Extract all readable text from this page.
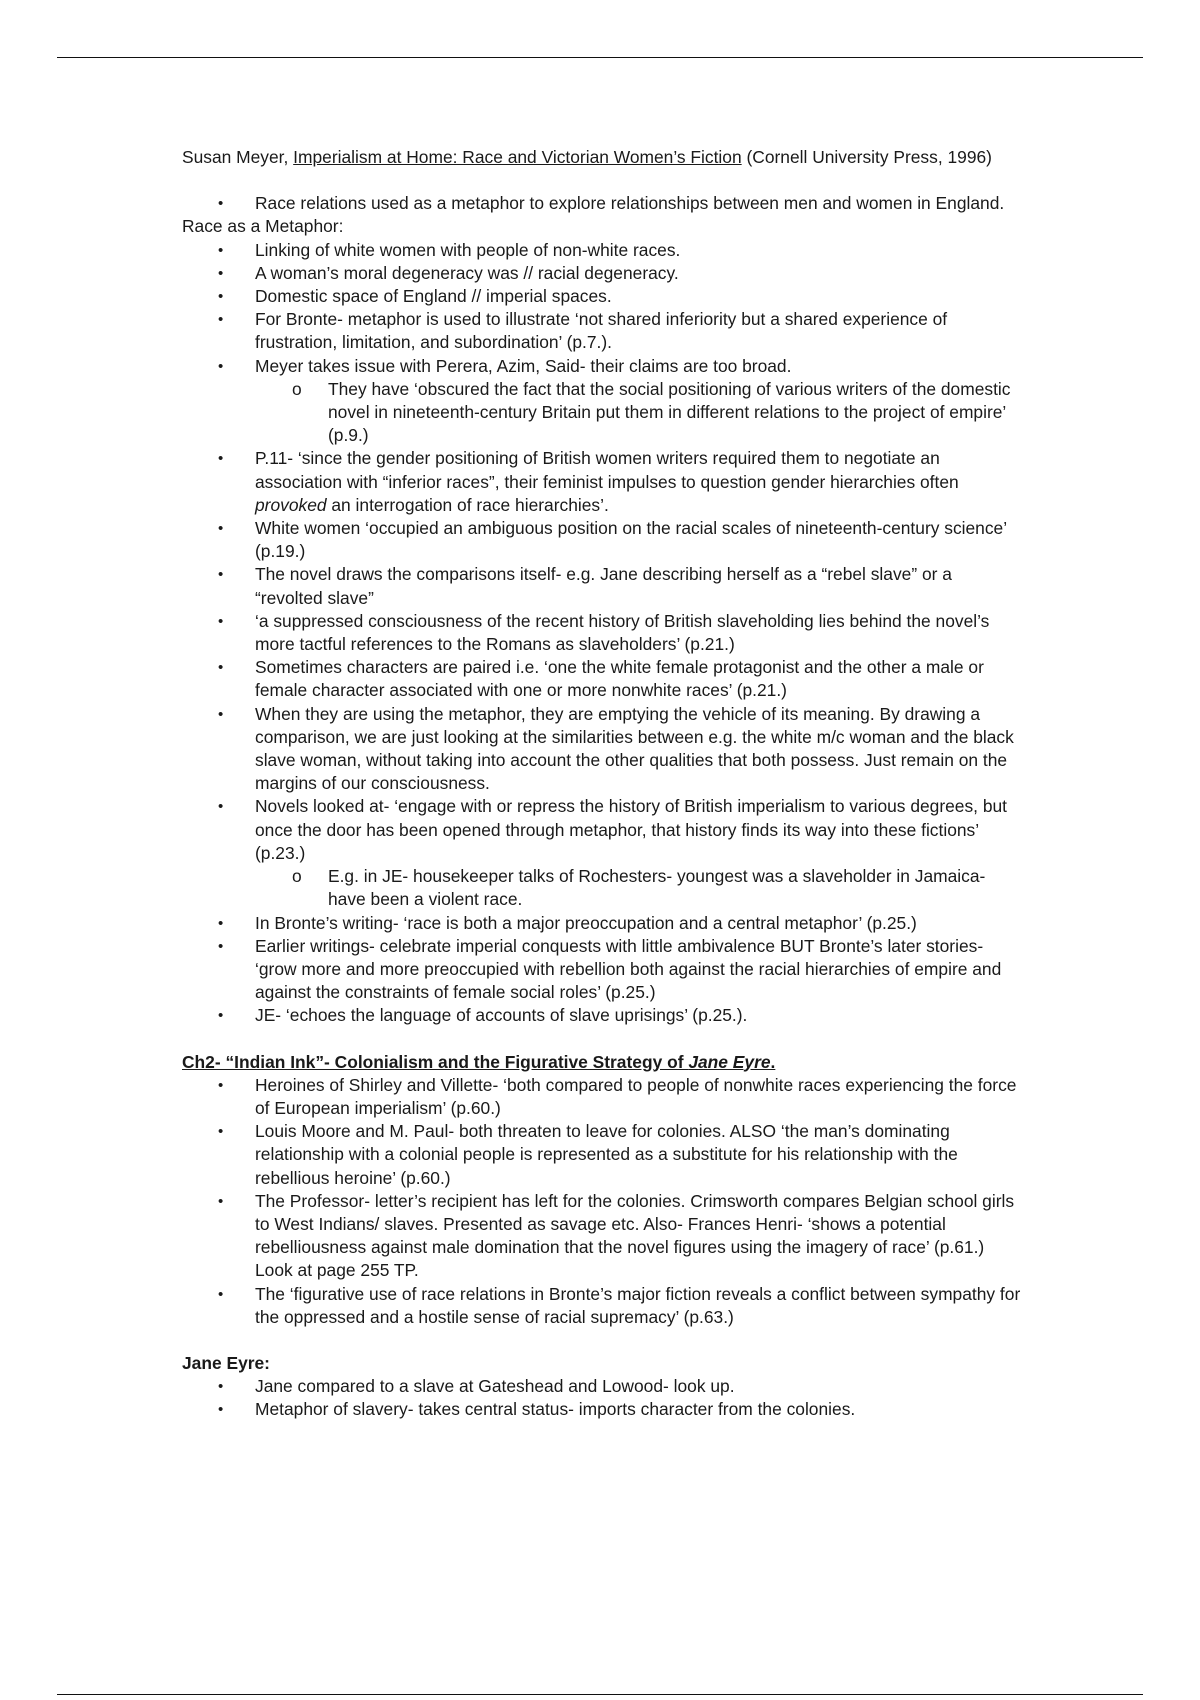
Susan Meyer, Imperialism at Home: Race and Victorian Women’s Fiction (Cornell University Press, 1996)

• Race relations used as a metaphor to explore relationships between men and women in England.

Race as a Metaphor:

• Linking of white women with people of non-white races.
• A woman’s moral degeneracy was // racial degeneracy.
• Domestic space of England // imperial spaces.
• For Bronte- metaphor is used to illustrate ‘not shared inferiority but a shared experience of frustration, limitation, and subordination’ (p.7.).
• Meyer takes issue with Perera, Azim, Said- their claims are too broad.
o They have ‘obscured the fact that the social positioning of various writers of the domestic novel in nineteenth-century Britain put them in different relations to the project of empire’ (p.9.)
• P.11- ‘since the gender positioning of British women writers required them to negotiate an association with “inferior races”, their feminist impulses to question gender hierarchies often provoked an interrogation of race hierarchies’.
• White women ‘occupied an ambiguous position on the racial scales of nineteenth-century science’ (p.19.)
• The novel draws the comparisons itself- e.g. Jane describing herself as a “rebel slave” or a “revolted slave”
• ‘a suppressed consciousness of the recent history of British slaveholding lies behind the novel’s more tactful references to the Romans as slaveholders’ (p.21.)
• Sometimes characters are paired i.e. ‘one the white female protagonist and the other a male or female character associated with one or more nonwhite races’ (p.21.)
• When they are using the metaphor, they are emptying the vehicle of its meaning. By drawing a comparison, we are just looking at the similarities between e.g. the white m/c woman and the black slave woman, without taking into account the other qualities that both possess. Just remain on the margins of our consciousness.
• Novels looked at- ‘engage with or repress the history of British imperialism to various degrees, but once the door has been opened through metaphor, that history finds its way into these fictions’ (p.23.)
o E.g. in JE- housekeeper talks of Rochesters- youngest was a slaveholder in Jamaica- have been a violent race.
• In Bronte’s writing- ‘race is both a major preoccupation and a central metaphor’ (p.25.)
• Earlier writings- celebrate imperial conquests with little ambivalence BUT Bronte’s later stories- ‘grow more and more preoccupied with rebellion both against the racial hierarchies of empire and against the constraints of female social roles’ (p.25.)
• JE- ‘echoes the language of accounts of slave uprisings’ (p.25.).

Ch2- “Indian Ink”- Colonialism and the Figurative Strategy of Jane Eyre.

• Heroines of Shirley and Villette- ‘both compared to people of nonwhite races experiencing the force of European imperialism’ (p.60.)
• Louis Moore and M. Paul- both threaten to leave for colonies. ALSO ‘the man’s dominating relationship with a colonial people is represented as a substitute for his relationship with the rebellious heroine’ (p.60.)
• The Professor- letter’s recipient has left for the colonies. Crimsworth compares Belgian school girls to West Indians/ slaves. Presented as savage etc. Also- Frances Henri- ‘shows a potential rebelliousness against male domination that the novel figures using the imagery of race’ (p.61.) Look at page 255 TP.
• The ‘figurative use of race relations in Bronte’s major fiction reveals a conflict between sympathy for the oppressed and a hostile sense of racial supremacy’ (p.63.)

Jane Eyre:

• Jane compared to a slave at Gateshead and Lowood- look up.
• Metaphor of slavery- takes central status- imports character from the colonies.
